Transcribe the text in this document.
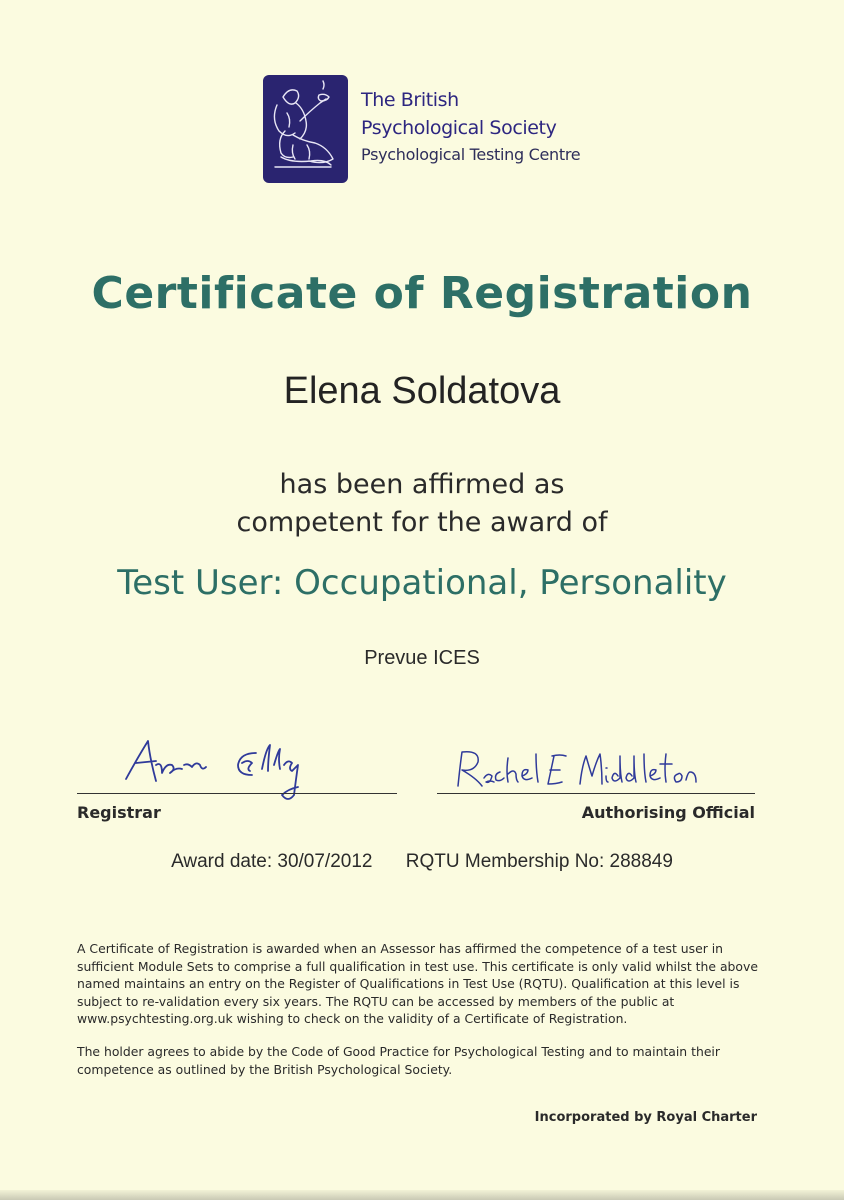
The British
Psychological Society
Psychological Testing Centre
Certificate of Registration
Elena Soldatova
has been affirmed as
competent for the award of
Test User: Occupational, Personality
Prevue ICES
Registrar	Authorising Official
Award date: 30/07/2012 RQTU Membership No: 288849
A Certificate of Registration is awarded when an Assessor has affirmed the competence of a test user in sufficient Module Sets to comprise a full qualification in test use. This certificate is only valid whilst the above named maintains an entry on the Register of Qualifications in Test Use (RQTU). Qualification at this level is subject to re-validation every six years. The RQTU can be accessed by members of the public at www.psychtesting.org.uk wishing to check on the validity of a Certificate of Registration.
The holder agrees to abide by the Code of Good Practice for Psychological Testing and to maintain their competence as outlined by the British Psychological Society.
Incorporated by Royal Charter
